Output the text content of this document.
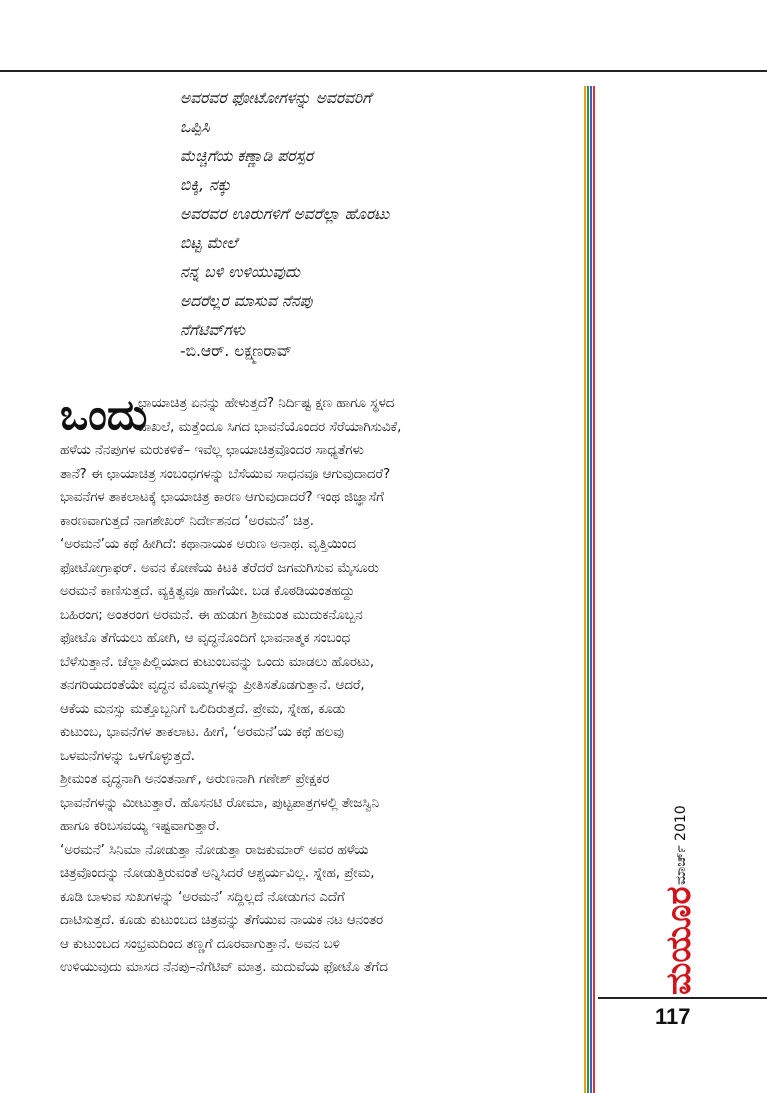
ಅವರವರ ಫೋಟೋಗಳನ್ನು ಅವರವರಿಗೆ
ಒಪ್ಪಿಸಿ
ಮೆಚ್ಚಿಗೆಯ ಕಣ್ಣಾಡಿ ಪರಸ್ಪರ
ಬಿಕ್ಕಿ, ನಕ್ಕು
ಅವರವರ ಊರುಗಳಿಗೆ ಅವರೆಲ್ಲಾ ಹೊರಟು
ಬಿಟ್ಟ ಮೇಲೆ
ನನ್ನ ಬಳಿ ಉಳಿಯುವುದು
ಅದರೆಲ್ಲರ ಮಾಸುವ ನೆನಪು
ನೆಗೆಟಿವ್‌ಗಳು
-ಬಿ.ಆರ್. ಲಕ್ಷ್ಮಣರಾವ್

ಒಂದು
ಛಾಯಾಚಿತ್ರ ಏನನ್ನು ಹೇಳುತ್ತದೆ? ನಿರ್ದಿಷ್ಟ ಕ್ಷಣ ಹಾಗೂ ಸ್ಥಳದ
ದಾಖಲೆ, ಮತ್ತೆಂದೂ ಸಿಗದ ಭಾವನೆಯೊಂದರ ಸೆರೆಯಾಗಿಸುವಿಕೆ,
ಹಳೆಯ ನೆನಪುಗಳ ಮರುಕಳಿಕೆ– ಇವೆಲ್ಲ ಛಾಯಾಚಿತ್ರವೊಂದರ ಸಾಧ್ಯತೆಗಳು
ತಾನೆ? ಈ ಛಾಯಾಚಿತ್ರ ಸಂಬಂಧಗಳನ್ನು ಬೆಸೆಯುವ ಸಾಧನವೂ ಆಗುವುದಾದರೆ?
ಭಾವನೆಗಳ ತಾಕಲಾಟಕ್ಕೆ ಛಾಯಾಚಿತ್ರ ಕಾರಣ ಆಗುವುದಾದರೆ? ಇಂಥ ಜಿಜ್ಞಾಸೆಗೆ
ಕಾರಣವಾಗುತ್ತದೆ ನಾಗಶೇಖರ್ ನಿರ್ದೇಶನದ ‘ಅರಮನೆ’ ಚಿತ್ರ.

‘ಅರಮನೆ’ಯ ಕಥೆ ಹೀಗಿದೆ: ಕಥಾನಾಯಕ ಅರುಣ ಅನಾಥ. ವೃತ್ತಿಯಿಂದ
ಫೋಟೋಗ್ರಾಫರ್. ಅವನ ಕೋಣೆಯ ಕಿಟಕಿ ತೆರೆದರೆ ಜಗಮಗಿಸುವ ಮೈಸೂರು
ಅರಮನೆ ಕಾಣಿಸುತ್ತದೆ. ವ್ಯಕ್ತಿತ್ವವೂ ಹಾಗೆಯೇ. ಬಡ ಕೊಠಡಿಯಂತಹದ್ದು
ಬಹಿರಂಗ; ಅಂತರಂಗ ಅರಮನೆ. ಈ ಹುಡುಗ ಶ್ರೀಮಂತ ಮುದುಕನೊಬ್ಬನ
ಫೋಟೊ ತೆಗೆಯಲು ಹೋಗಿ, ಆ ವೃದ್ಧನೊಂದಿಗೆ ಭಾವನಾತ್ಮಕ ಸಂಬಂಧ
ಬೆಳೆಸುತ್ತಾನೆ. ಚೆಲ್ಲಾಪಿಲ್ಲಿಯಾದ ಕುಟುಂಬವನ್ನು ಒಂದು ಮಾಡಲು ಹೊರಟು,
ತನಗರಿಯದಂತೆಯೇ ವೃದ್ಧನ ಮೊಮ್ಮಗಳನ್ನು ಪ್ರೀತಿಸತೊಡಗುತ್ತಾನೆ. ಆದರೆ,
ಆಕೆಯ ಮನಸ್ಸು ಮತ್ತೊಬ್ಬನಿಗೆ ಒಲಿದಿರುತ್ತದೆ. ಪ್ರೇಮ, ಸ್ನೇಹ, ಕೂಡು
ಕುಟುಂಬ, ಭಾವನೆಗಳ ತಾಕಲಾಟ. ಹೀಗೆ, ‘ಅರಮನೆ’ಯ ಕಥೆ ಹಲವು
ಒಳಮನೆಗಳನ್ನು ಒಳಗೊಳ್ಳುತ್ತದೆ.

ಶ್ರೀಮಂತ ವೃದ್ಧನಾಗಿ ಅನಂತನಾಗ್, ಅರುಣನಾಗಿ ಗಣೇಶ್ ಪ್ರೇಕ್ಷಕರ
ಭಾವನೆಗಳನ್ನು ಮೀಟುತ್ತಾರೆ. ಹೊಸನಟಿ ರೋಮಾ, ಪುಟ್ಟಪಾತ್ರಗಳಲ್ಲಿ ತೇಜಸ್ವಿನಿ
ಹಾಗೂ ಕರಿಬಸವಯ್ಯ ಇಷ್ಟವಾಗುತ್ತಾರೆ.

‘ಅರಮನೆ’ ಸಿನಿಮಾ ನೋಡುತ್ತಾ ನೋಡುತ್ತಾ ರಾಜಕುಮಾರ್ ಅವರ ಹಳೆಯ
ಚಿತ್ರವೊಂದನ್ನು ನೋಡುತ್ತಿರುವಂತೆ ಅನ್ನಿಸಿದರೆ ಆಶ್ಚರ್ಯವಿಲ್ಲ. ಸ್ನೇಹ, ಪ್ರೇಮ,
ಕೂಡಿ ಬಾಳುವ ಸುಖಗಳನ್ನು ‘ಅರಮನೆ’ ಸದ್ದಿಲ್ಲದೆ ನೋಡುಗನ ಎದೆಗೆ
ದಾಟಿಸುತ್ತದೆ. ಕೂಡು ಕುಟುಂಬದ ಚಿತ್ರವನ್ನು ತೆಗೆಯುವ ನಾಯಕ ನಟ ಆನಂತರ
ಆ ಕುಟುಂಬದ ಸಂಭ್ರಮದಿಂದ ತಣ್ಣಗೆ ದೂರವಾಗುತ್ತಾನೆ. ಅವನ ಬಳಿ
ಉಳಿಯುವುದು ಮಾಸದ ನೆನಪು–ನೆಗೆಟಿವ್ ಮಾತ್ರ. ಮದುವೆಯ ಫೋಟೊ ತೆಗೆದ

ಮಾರ್ಚ್ 2010
ಮಯೂರ
117
